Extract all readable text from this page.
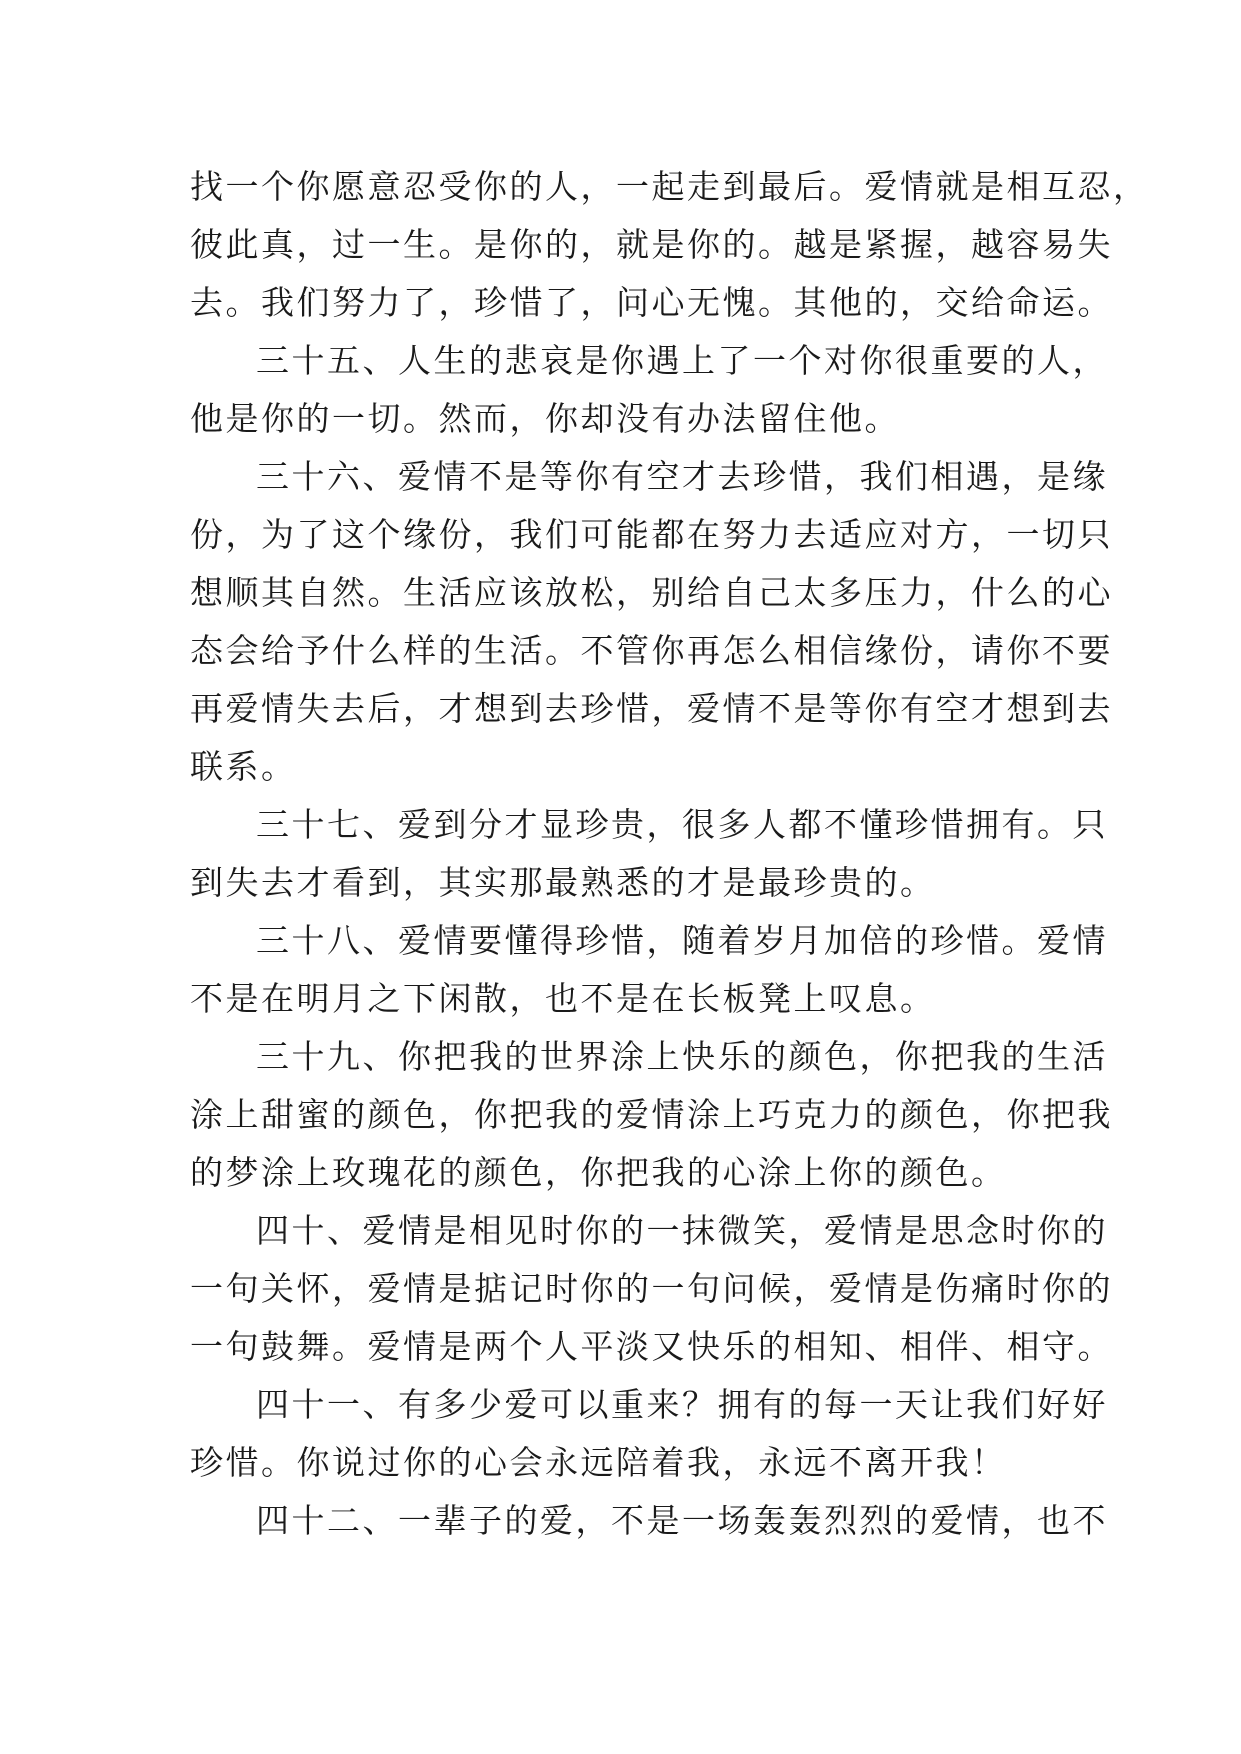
找一个你愿意忍受你的人，一起走到最后。爱情就是相互忍，
彼此真，过一生。是你的，就是你的。越是紧握，越容易失
去。我们努力了，珍惜了，问心无愧。其他的，交给命运。
三十五、人生的悲哀是你遇上了一个对你很重要的人，
他是你的一切。然而，你却没有办法留住他。
三十六、爱情不是等你有空才去珍惜，我们相遇，是缘
份，为了这个缘份，我们可能都在努力去适应对方，一切只
想顺其自然。生活应该放松，别给自己太多压力，什么的心
态会给予什么样的生活。不管你再怎么相信缘份，请你不要
再爱情失去后，才想到去珍惜，爱情不是等你有空才想到去
联系。
三十七、爱到分才显珍贵，很多人都不懂珍惜拥有。只
到失去才看到，其实那最熟悉的才是最珍贵的。
三十八、爱情要懂得珍惜，随着岁月加倍的珍惜。爱情
不是在明月之下闲散，也不是在长板凳上叹息。
三十九、你把我的世界涂上快乐的颜色，你把我的生活
涂上甜蜜的颜色，你把我的爱情涂上巧克力的颜色，你把我
的梦涂上玫瑰花的颜色，你把我的心涂上你的颜色。
四十、爱情是相见时你的一抹微笑，爱情是思念时你的
一句关怀，爱情是掂记时你的一句问候，爱情是伤痛时你的
一句鼓舞。爱情是两个人平淡又快乐的相知、相伴、相守。
四十一、有多少爱可以重来？拥有的每一天让我们好好
珍惜。你说过你的心会永远陪着我，永远不离开我！
四十二、一辈子的爱，不是一场轰轰烈烈的爱情，也不
